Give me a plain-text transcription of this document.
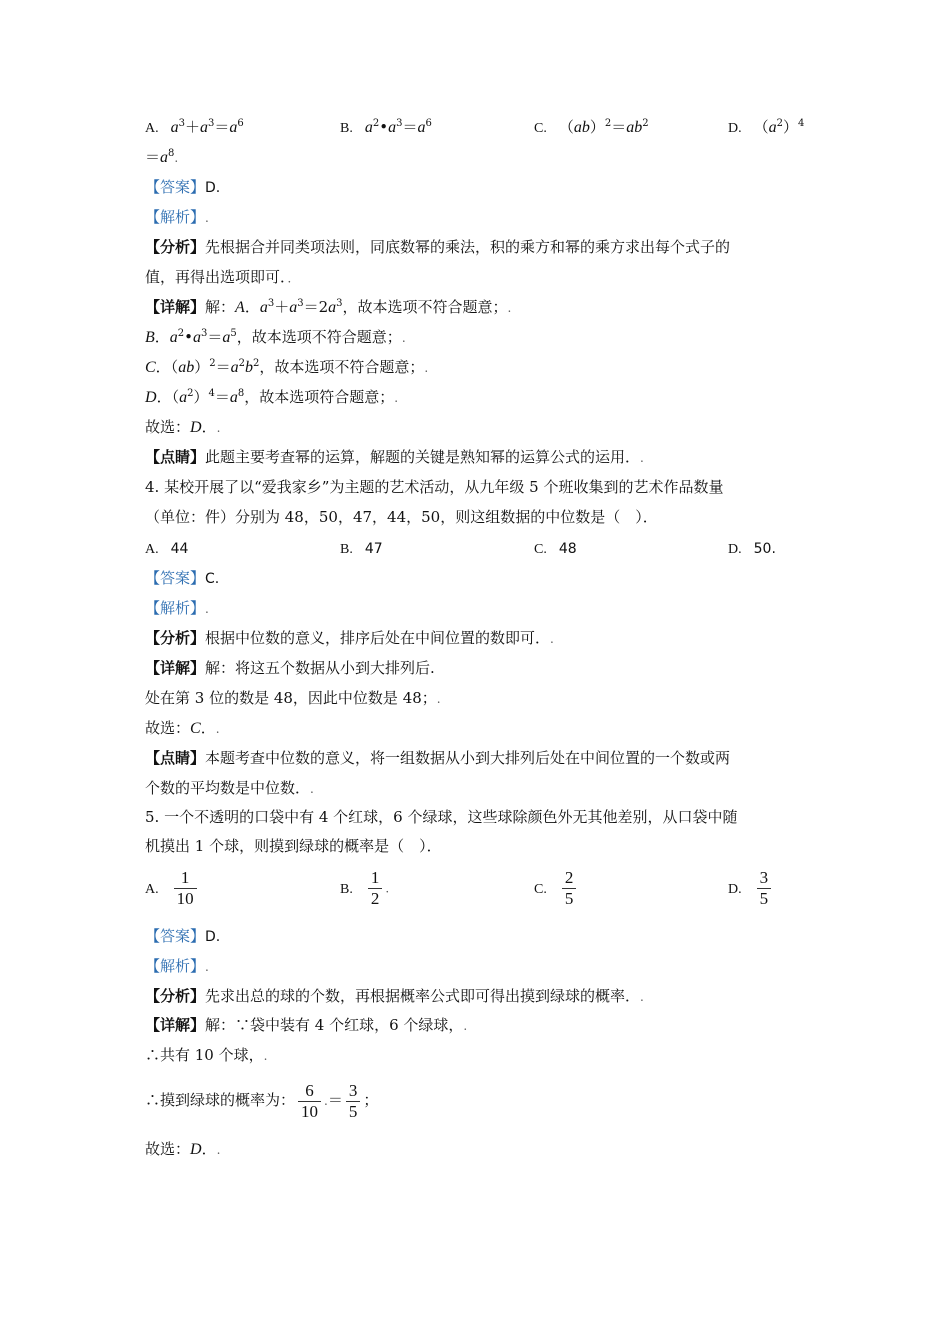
A. $a^3+a^3=a^6$	B. $a^2•a^3=a^6$	C. $(ab)^2=ab^2$	D. $(a^2)^4$
$=a^8$.
【答案】D.
【解析】.
【分析】先根据合并同类项法则，同底数幂的乘法，积的乘方和幂的乘方求出每个式子的
值，再得出选项即可．．
【详解】解：A．$a^3+a^3=2a^3$，故本选项不符合题意；.
B．$a^2•a^3=a^5$，故本选项不符合题意；.
C．$(ab)^2=a^2b^2$，故本选项不符合题意；.
D．$(a^2)^4=a^8$，故本选项符合题意；.
故选：D．.
【点睛】此题主要考查幂的运算，解题的关键是熟知幂的运算公式的运用．.
4. 某校开展了以“爱我家乡”为主题的艺术活动，从九年级 5 个班收集到的艺术作品数量
（单位：件）分别为 48，50，47，44，50，则这组数据的中位数是（　）．
A. 44	B. 47	C. 48	D. 50.
【答案】C.
【解析】.
【分析】根据中位数的意义，排序后处在中间位置的数即可．.
【详解】解：将这五个数据从小到大排列后.
处在第 3 位的数是 48，因此中位数是 48；.
故选：C．.
【点睛】本题考查中位数的意义，将一组数据从小到大排列后处在中间位置的一个数或两
个数的平均数是中位数．.
5. 一个不透明的口袋中有 4 个红球，6 个绿球，这些球除颜色外无其他差别，从口袋中随
机摸出 1 个球，则摸到绿球的概率是（　）．
A. $\frac{1}{10}$	B. $\frac{1}{2}$ .	C. $\frac{2}{5}$	D. $\frac{3}{5}$
【答案】D.
【解析】.
【分析】先求出总的球的个数，再根据概率公式即可得出摸到绿球的概率．.
【详解】解：∵袋中装有 4 个红球，6 个绿球，.
∴共有 10 个球，.
∴摸到绿球的概率为： $\frac{6}{10}$ .＝ $\frac{3}{5}$ ；
故选：D．.
